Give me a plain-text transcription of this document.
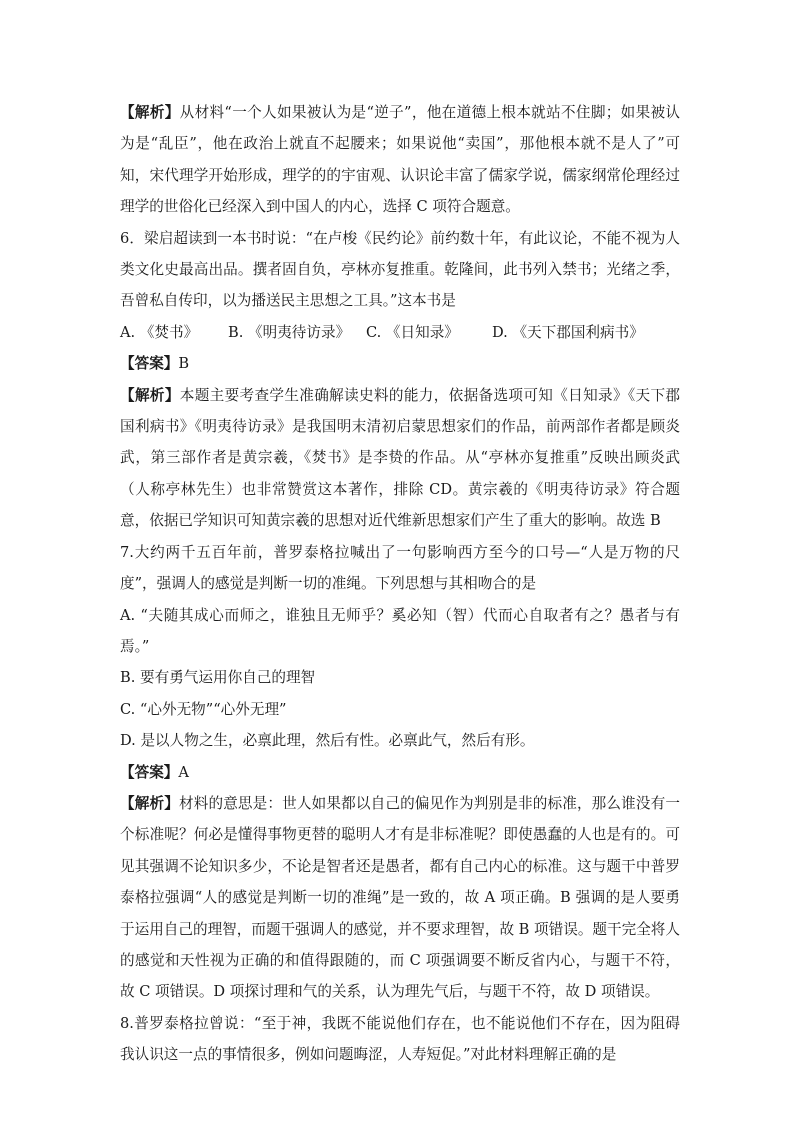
【解析】从材料“一个人如果被认为是“逆子”，他在道德上根本就站不住脚；如果被认为是“乱臣”，他在政治上就直不起腰来；如果说他“卖国”，那他根本就不是人了”可知，宋代理学开始形成，理学的的宇宙观、认识论丰富了儒家学说，儒家纲常伦理经过理学的世俗化已经深入到中国人的内心，选择 C 项符合题意。

6．梁启超读到一本书时说：“在卢梭《民约论》前约数十年，有此议论，不能不视为人类文化史最高出品。撰者固自负，亭林亦复推重。乾隆间，此书列入禁书；光绪之季，吾曾私自传印，以为播送民主思想之工具。”这本书是

A. 《焚书》	B. 《明夷待访录》	C. 《日知录》	D. 《天下郡国利病书》

【答案】B

【解析】本题主要考查学生准确解读史料的能力，依据备选项可知《日知录》《天下郡国利病书》《明夷待访录》是我国明末清初启蒙思想家们的作品，前两部作者都是顾炎武，第三部作者是黄宗羲，《焚书》是李贽的作品。从“亭林亦复推重”反映出顾炎武（人称亭林先生）也非常赞赏这本著作，排除 CD。黄宗羲的《明夷待访录》符合题意，依据已学知识可知黄宗羲的思想对近代维新思想家们产生了重大的影响。故选 B

7.大约两千五百年前，普罗泰格拉喊出了一句影响西方至今的口号—“人是万物的尺度”，强调人的感觉是判断一切的准绳。下列思想与其相吻合的是

A. “夫随其成心而师之，谁独且无师乎？奚必知（智）代而心自取者有之？愚者与有焉。”

B. 要有勇气运用你自己的理智

C. “心外无物”“心外无理”

D. 是以人物之生，必禀此理，然后有性。必禀此气，然后有形。

【答案】A

【解析】材料的意思是：世人如果都以自己的偏见作为判别是非的标准，那么谁没有一个标准呢？何必是懂得事物更替的聪明人才有是非标准呢？即使愚蠢的人也是有的。可见其强调不论知识多少，不论是智者还是愚者，都有自己内心的标准。这与题干中普罗泰格拉强调“人的感觉是判断一切的准绳”是一致的，故 A 项正确。B 强调的是人要勇于运用自己的理智，而题干强调人的感觉，并不要求理智，故 B 项错误。题干完全将人的感觉和天性视为正确的和值得跟随的，而 C 项强调要不断反省内心，与题干不符，故 C 项错误。D 项探讨理和气的关系，认为理先气后，与题干不符，故 D 项错误。

8.普罗泰格拉曾说：“至于神，我既不能说他们存在，也不能说他们不存在，因为阻碍我认识这一点的事情很多，例如问题晦涩，人寿短促。”对此材料理解正确的是
